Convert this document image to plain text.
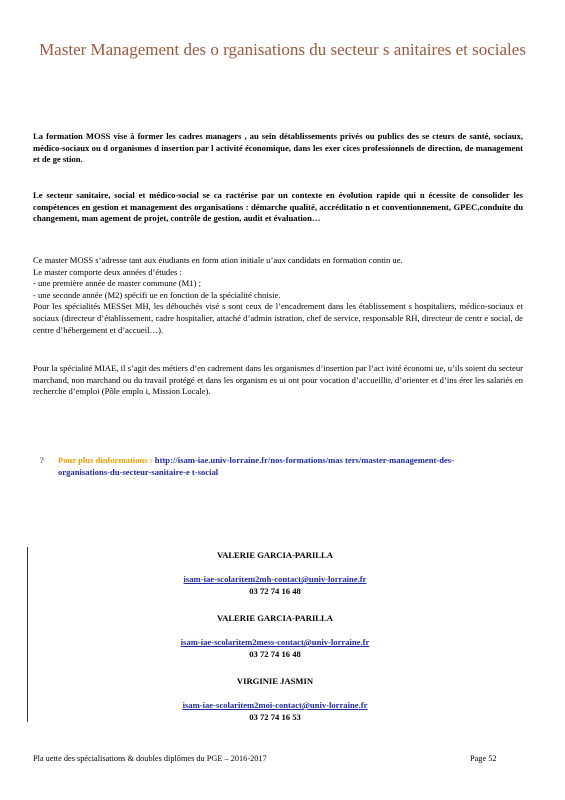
Master Management des o rganisations du secteur s anitaires et sociales
La formation MOSS vise à former les cadres managers , au sein détablissements privés ou publics des se cteurs de santé, sociaux, médico-sociaux ou d organismes d insertion par l activité économique, dans les exer cices professionnels de direction, de management et de ge stion.
Le secteur sanitaire, social et médico-social se ca ractérise par un contexte en évolution rapide qui n écessite de consolider les compétences en gestion et management des organisations : démarche qualité, accréditatio n et conventionnement, GPEC,conduite du changement, man agement de projet, contrôle de gestion, audit et évaluation…

Ce master MOSS s’adresse tant aux étudiants en form ation initiale u’aux candidats en formation contin ue.

Le master comporte deux années d’études :

- une première année de master commune (M1) ;

- une seconde année (M2) spécifi ue en fonction de la spécialité choisie.

Pour les spécialités MESSet MH, les débouchés visé s sont ceux de l’encadrement dans les établissement s hospitaliers, médico-sociaux et sociaux (directeur d’établissement, cadre hospitalier, attaché d’admin istration, chef de service, responsable RH, directeur de centr e social, de centre d’hébergement et d’accueil…).

Pour la spécialité MIAE, il s’agit des métiers d’en cadrement dans les organismes d’insertion par l’act ivité économi ue, u’ils soient du secteur marchand, non marchand ou du travail protégé et dans les organism es ui ont pour vocation d’accueillir, d’orienter et d’ins érer les salariés en recherche d’emploi (Pôle emplo i, Mission Locale).
? Pour plus dinformations : http://isam-iae.univ-lorraine.fr/nos-formations/mas ters/master-management-des-organisations-du-secteur-sanitaire-e t-social
VALERIE GARCIA-PARILLA
isam-iae-scolaritem2mh-contact@univ-lorraine.fr
03 72 74 16 48
VALERIE GARCIA-PARILLA
isam-iae-scolaritem2mess-contact@univ-lorraine.fr
03 72 74 16 48
VIRGINIE JASMIN
isam-iae-scolaritem2moi-contact@univ-lorraine.fr
03 72 74 16 53
Pla uette des spécialisations & doubles diplômes du PGE – 2016-2017	Page 52
